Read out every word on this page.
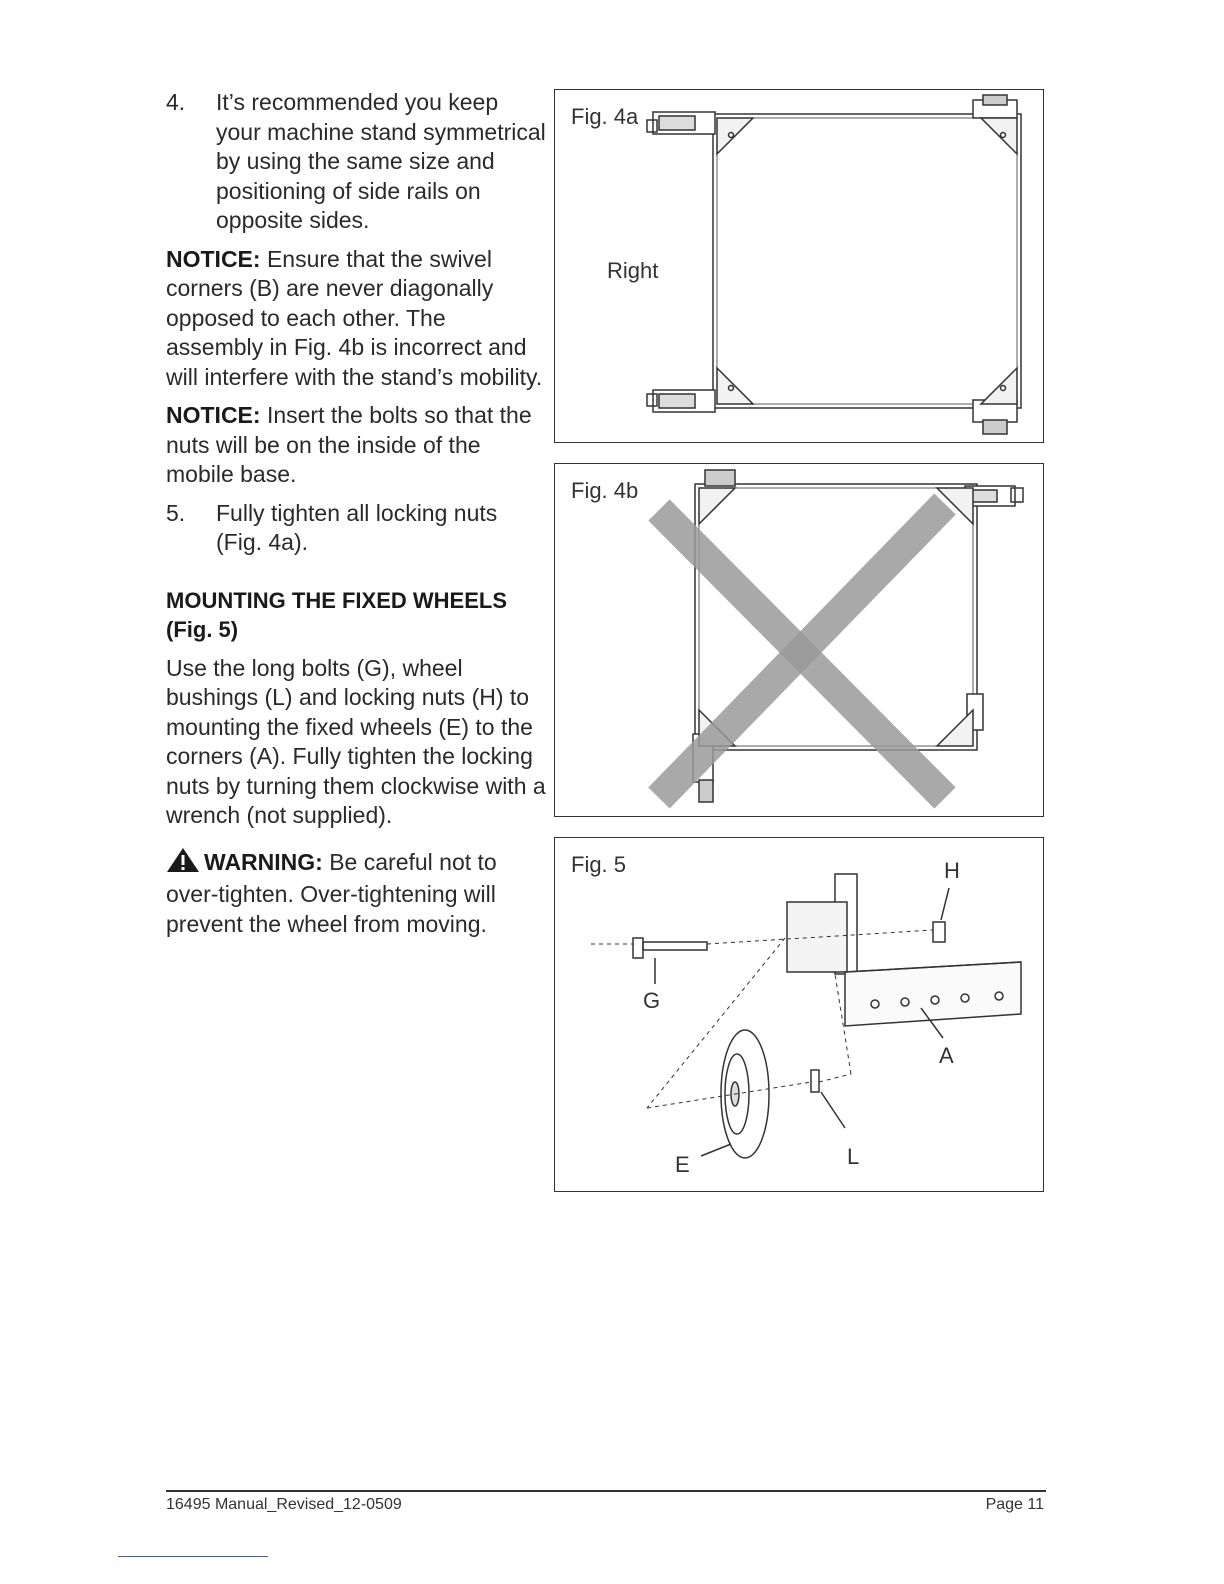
4.	It’s recommended you keep your machine stand symmetrical by using the same size and positioning of side rails on opposite sides.

NOTICE: Ensure that the swivel corners (B) are never diagonally opposed to each other. The assembly in Fig. 4b is incorrect and will interfere with the stand’s mobility.

NOTICE: Insert the bolts so that the nuts will be on the inside of the mobile base.

5.	Fully tighten all locking nuts (Fig. 4a).
MOUNTING THE FIXED WHEELS (Fig. 5)

Use the long bolts (G), wheel bushings (L) and locking nuts (H) to mounting the fixed wheels (E) to the corners (A). Fully tighten the locking nuts by turning them clockwise with a wrench (not supplied).

WARNING: Be careful not to over-tighten. Over-tightening will prevent the wheel from moving.
Fig. 4a
Right
Fig. 4b
Fig. 5	H
G
A
E	L
16495 Manual_Revised_12-0509	Page 11
